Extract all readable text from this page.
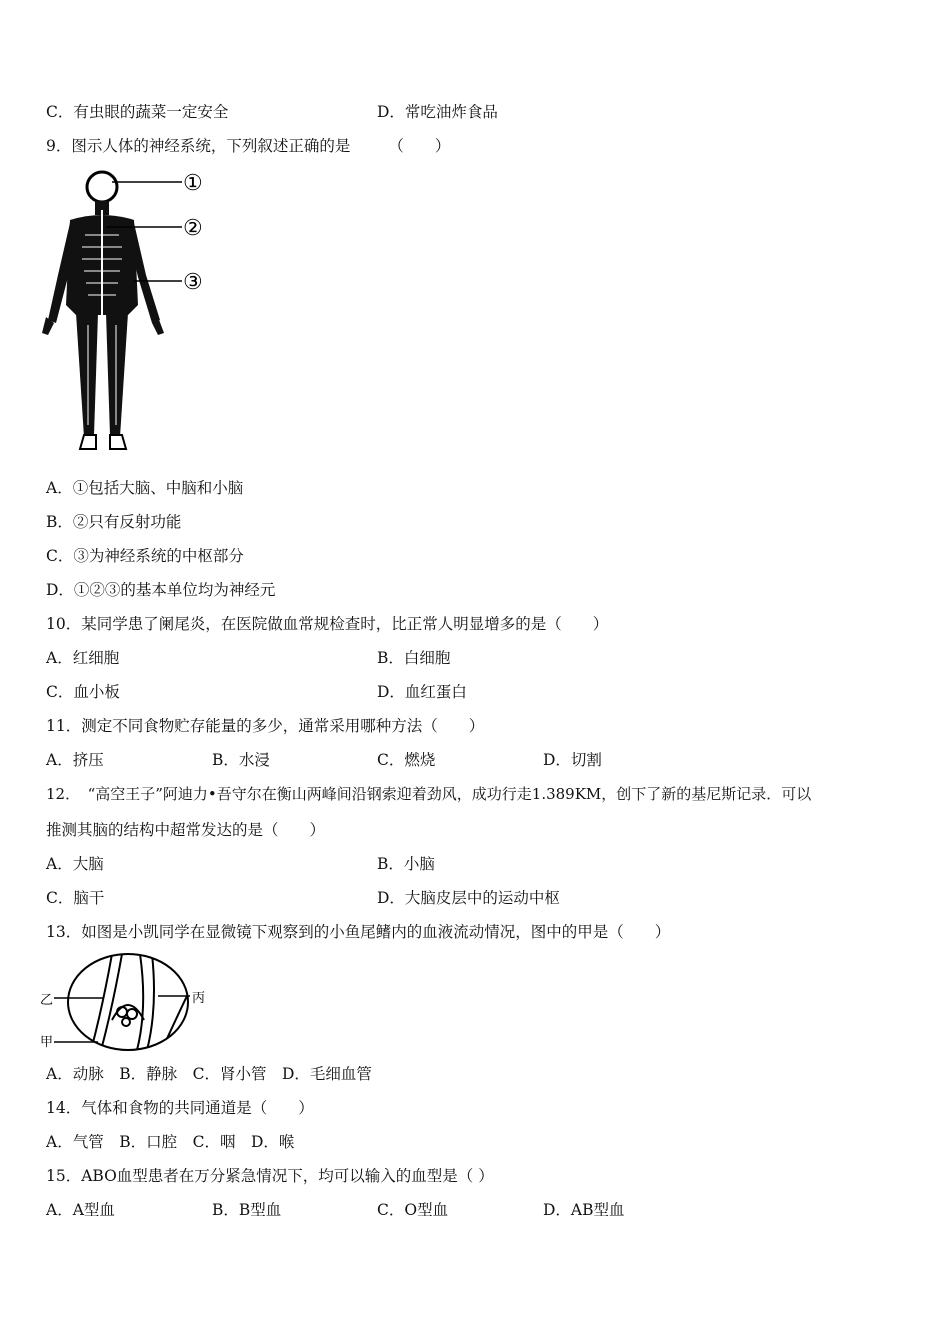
C．有虫眼的蔬菜一定安全	D．常吃油炸食品
9．图示人体的神经系统，下列叙述正确的是 （　　）
①
②
③
A．①包括大脑、中脑和小脑
B．②只有反射功能
C．③为神经系统的中枢部分
D．①②③的基本单位均为神经元
10．某同学患了阑尾炎，在医院做血常规检查时，比正常人明显增多的是（　　）
A．红细胞	B．白细胞
C．血小板	D．血红蛋白
11．测定不同食物贮存能量的多少，通常采用哪种方法（　　）
A．挤压	B．水浸	C．燃烧	D．切割
12．　“高空王子”阿迪力•吾守尔在衡山两峰间沿钢索迎着劲风，成功行走1.389KM，创下了新的基尼斯记录．可以
推测其脑的结构中超常发达的是（　　）
A．大脑	B．小脑
C．脑干	D．大脑皮层中的运动中枢
13．如图是小凯同学在显微镜下观察到的小鱼尾鳍内的血液流动情况，图中的甲是（　　）
乙
甲
丙
A．动脉　B．静脉　C．肾小管　D．毛细血管
14．气体和食物的共同通道是（　　）
A．气管　B．口腔　C．咽　D．喉
15．ABO血型患者在万分紧急情况下，均可以输入的血型是（ ）
A．A型血	B．B型血	C．O型血	D．AB型血
